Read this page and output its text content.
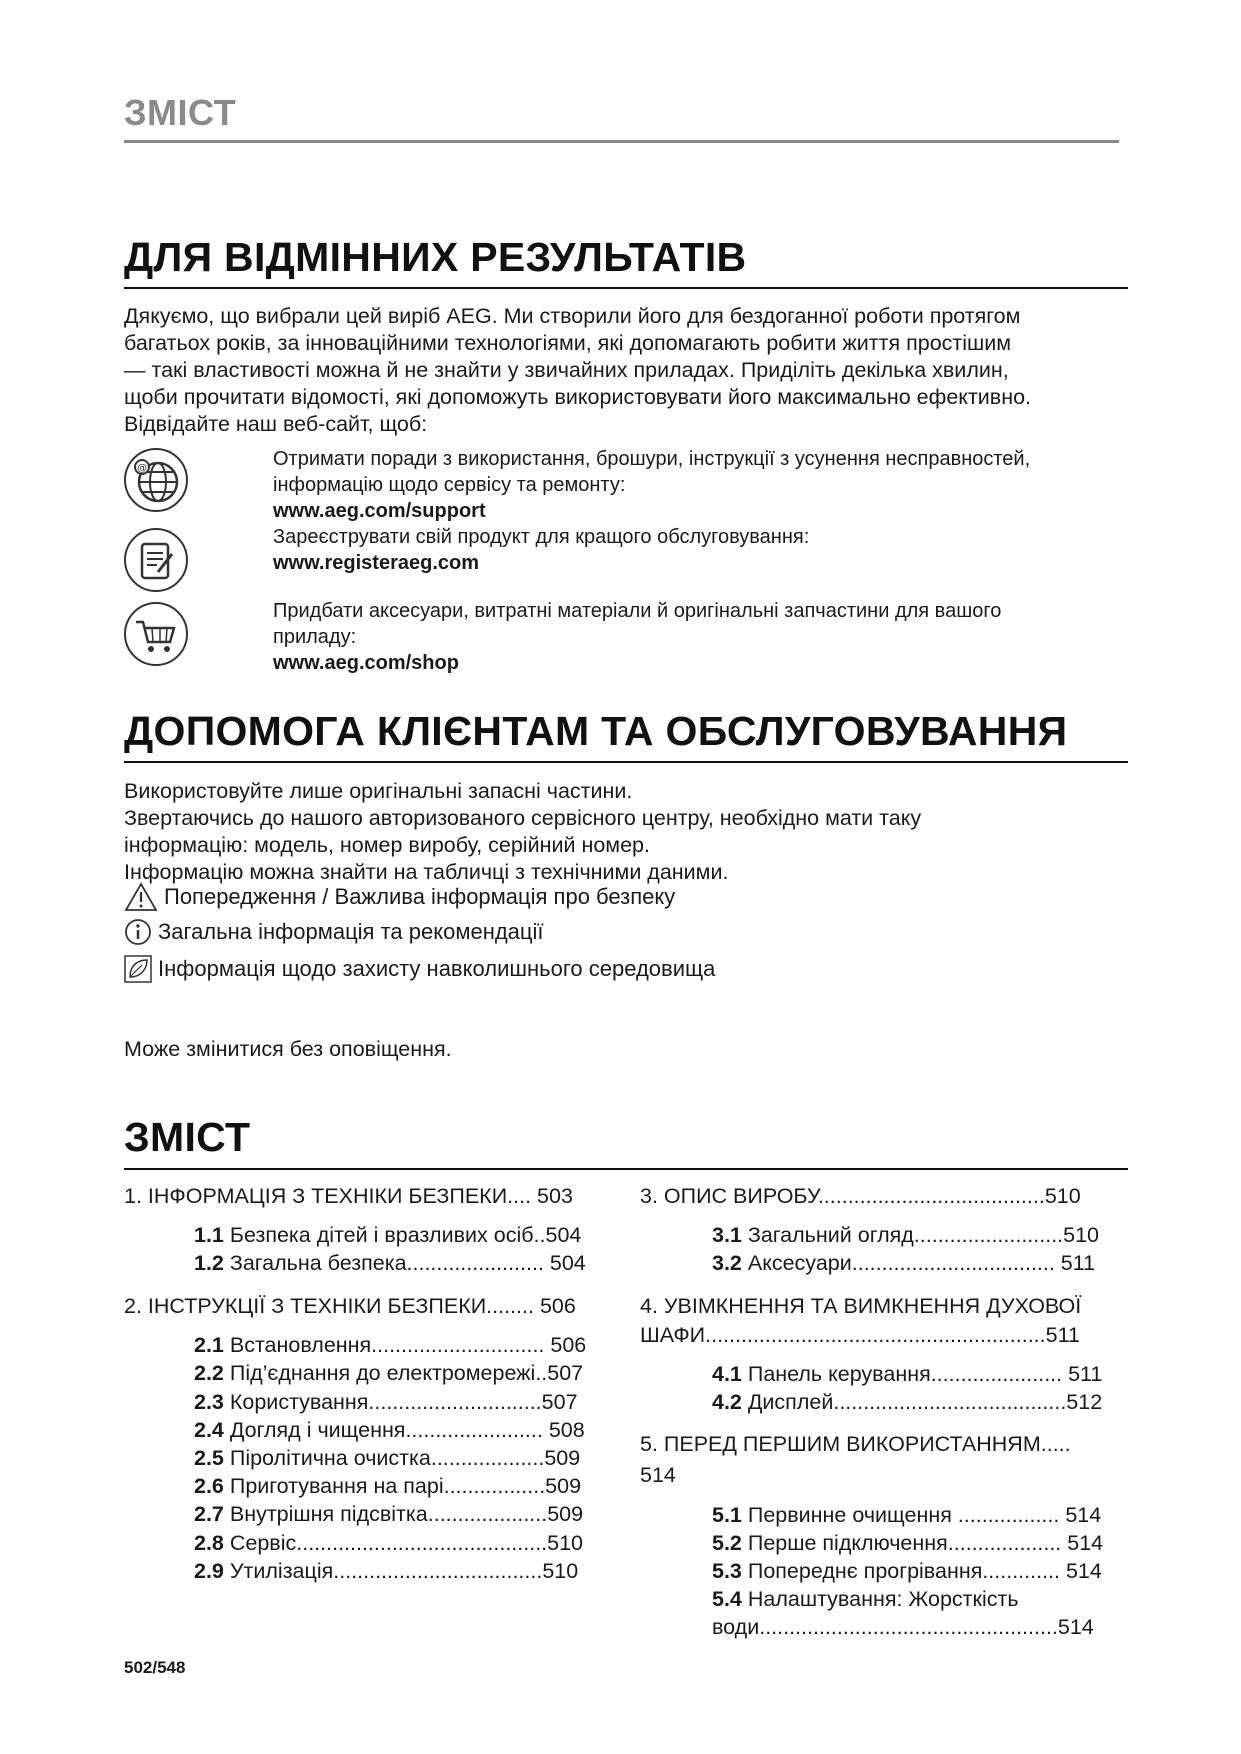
ЗМІСТ
ДЛЯ ВІДМІННИХ РЕЗУЛЬТАТІВ

Дякуємо, що вибрали цей виріб AEG. Ми створили його для бездоганної роботи протягом

багатьох років, за інноваційними технологіями, які допомагають робити життя простішим

— такі властивості можна й не знайти у звичайних приладах. Приділіть декілька хвилин,

щоби прочитати відомості, які допоможуть використовувати його максимально ефективно.

Відвідайте наш веб-сайт, щоб:

@	Отримати поради з використання, брошури, інструкції з усунення несправностей,
інформацію щодо сервісу та ремонту:
www.aeg.com/support
Зареєструвати свій продукт для кращого обслуговування:
www.registeraeg.com
Придбати аксесуари, витратні матеріали й оригінальні запчастини для вашого
приладу:
www.aeg.com/shop
ДОПОМОГА КЛІЄНТАМ ТА ОБСЛУГОВУВАННЯ

Використовуйте лише оригінальні запасні частини.

Звертаючись до нашого авторизованого сервісного центру, необхідно мати таку

інформацію: модель, номер виробу, серійний номер.

Інформацію можна знайти на табличці з технічними даними.

Попередження / Важлива інформація про безпеку
Загальна інформація та рекомендації
Інформація щодо захисту навколишнього середовища
Може змінитися без оповіщення.
ЗМІСТ
1. ІНФОРМАЦІЯ З ТЕХНІКИ БЕЗПЕКИ.... 503
1.1 Безпека дітей і вразливих осіб..504
1.2 Загальна безпека....................... 504
2. ІНСТРУКЦІЇ З ТЕХНІКИ БЕЗПЕКИ........ 506
2.1 Встановлення............................. 506
2.2 Під’єднання до електромережі..507
2.3 Користування.............................507
2.4 Догляд і чищення....................... 508
2.5 Піролітична очистка...................509
2.6 Приготування на парі.................509
2.7 Внутрішня підсвітка....................509
2.8 Сервіс..........................................510
2.9 Утилізація...................................510
3. ОПИС ВИРОБУ......................................510
3.1 Загальний огляд.........................510
3.2 Аксесуари.................................. 511
4. УВІМКНЕННЯ ТА ВИМКНЕННЯ ДУХОВОЇ
ШАФИ.........................................................511
4.1 Панель керування...................... 511
4.2 Дисплей.......................................512
5. ПЕРЕД ПЕРШИМ ВИКОРИСТАННЯМ.....
514
5.1 Первинне очищення ................. 514
5.2 Перше підключення................... 514
5.3 Попереднє прогрівання............. 514
5.4 Налаштування: Жорсткість
води..................................................514
502/548
